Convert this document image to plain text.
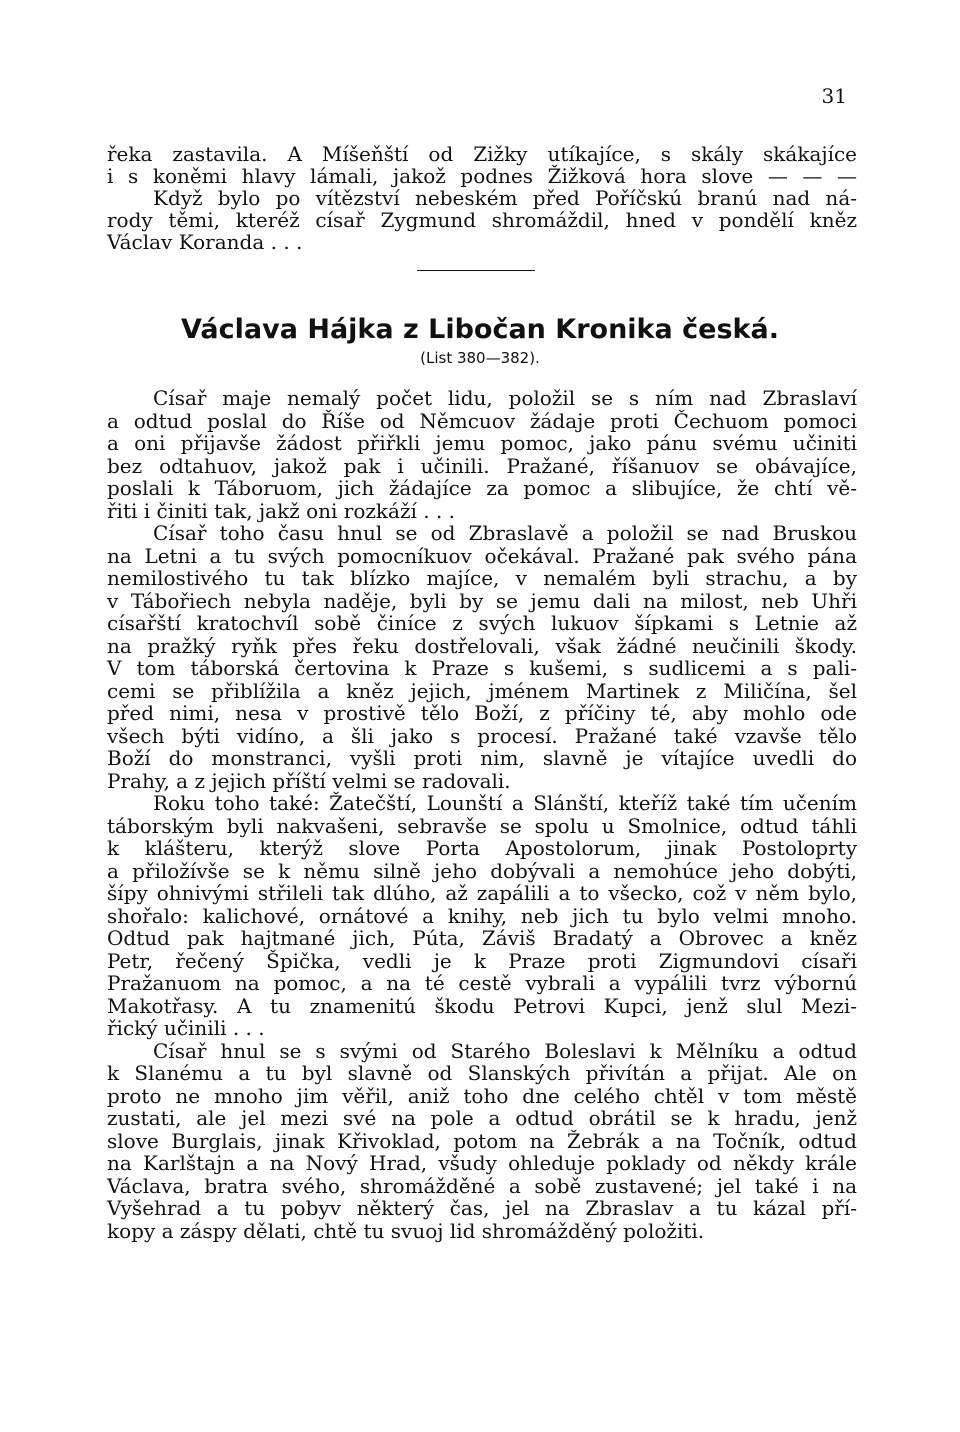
31
řeka zastavila. A Míšeňští od Zižky utíkajíce, s skály skákajíce
i s koněmi hlavy lámali, jakož podnes Žižková hora slove — — —
Když bylo po vítězství nebeském před Poříčskú branú nad ná-
rody těmi, kteréž císař Zygmund shromáždil, hned v pondělí kněz
Václav Koranda . . .
Václava Hájka z Libočan Kronika česká.
(List 380—382).
Císař maje nemalý počet lidu, položil se s ním nad Zbraslaví
a odtud poslal do Říše od Němcuov žádaje proti Čechuom pomoci
a oni přijavše žádost přiřkli jemu pomoc, jako pánu svému učiniti
bez odtahuov, jakož pak i učinili. Pražané, říšanuov se obávajíce,
poslali k Táboruom, jich žádajíce za pomoc a slibujíce, že chtí vě-
řiti i činiti tak, jakž oni rozkáží . . .
Císař toho času hnul se od Zbraslavě a položil se nad Bruskou
na Letni a tu svých pomocníkuov očekával. Pražané pak svého pána
nemilostivého tu tak blízko majíce, v nemalém byli strachu, a by
v Tábořiech nebyla naděje, byli by se jemu dali na milost, neb Uhři
císařští kratochvíl sobě činíce z svých lukuov šípkami s Letnie až
na pražký ryňk přes řeku dostřelovali, však žádné neučinili škody.
V tom táborská čertovina k Praze s kušemi, s sudlicemi a s pali-
cemi se přiblížila a kněz jejich, jménem Martinek z Miličína, šel
před nimi, nesa v prostivě tělo Boží, z příčiny té, aby mohlo ode
všech býti vidíno, a šli jako s procesí. Pražané také vzavše tělo
Boží do monstranci, vyšli proti nim, slavně je vítajíce uvedli do
Prahy, a z jejich příští velmi se radovali.
Roku toho také: Žatečští, Lounští a Slánští, kteříž také tím učením
táborským byli nakvašeni, sebravše se spolu u Smolnice, odtud táhli
k klášteru, kterýž slove Porta Apostolorum, jinak Postoloprty
a přiložívše se k němu silně jeho dobývali a nemohúce jeho dobýti,
šípy ohnivými střileli tak dlúho, až zapálili a to všecko, což v něm bylo,
shořalo: kalichové, ornátové a knihy, neb jich tu bylo velmi mnoho.
Odtud pak hajtmané jich, Púta, Záviš Bradatý a Obrovec a kněz
Petr, řečený Špička, vedli je k Praze proti Zigmundovi císaři
Pražanuom na pomoc, a na té cestě vybrali a vypálili tvrz výbornú
Makotřasy. A tu znamenitú škodu Petrovi Kupci, jenž slul Mezi-
řický učinili . . .
Císař hnul se s svými od Starého Boleslavi k Mělníku a odtud
k Slanému a tu byl slavně od Slanských přivítán a přijat. Ale on
proto ne mnoho jim věřil, aniž toho dne celého chtěl v tom městě
zustati, ale jel mezi své na pole a odtud obrátil se k hradu, jenž
slove Burglais, jinak Křivoklad, potom na Žebrák a na Točník, odtud
na Karlštajn a na Nový Hrad, všudy ohleduje poklady od někdy krále
Václava, bratra svého, shromážděné a sobě zustavené; jel také i na
Vyšehrad a tu pobyv některý čas, jel na Zbraslav a tu kázal pří-
kopy a záspy dělati, chtě tu svuoj lid shromážděný položiti.
